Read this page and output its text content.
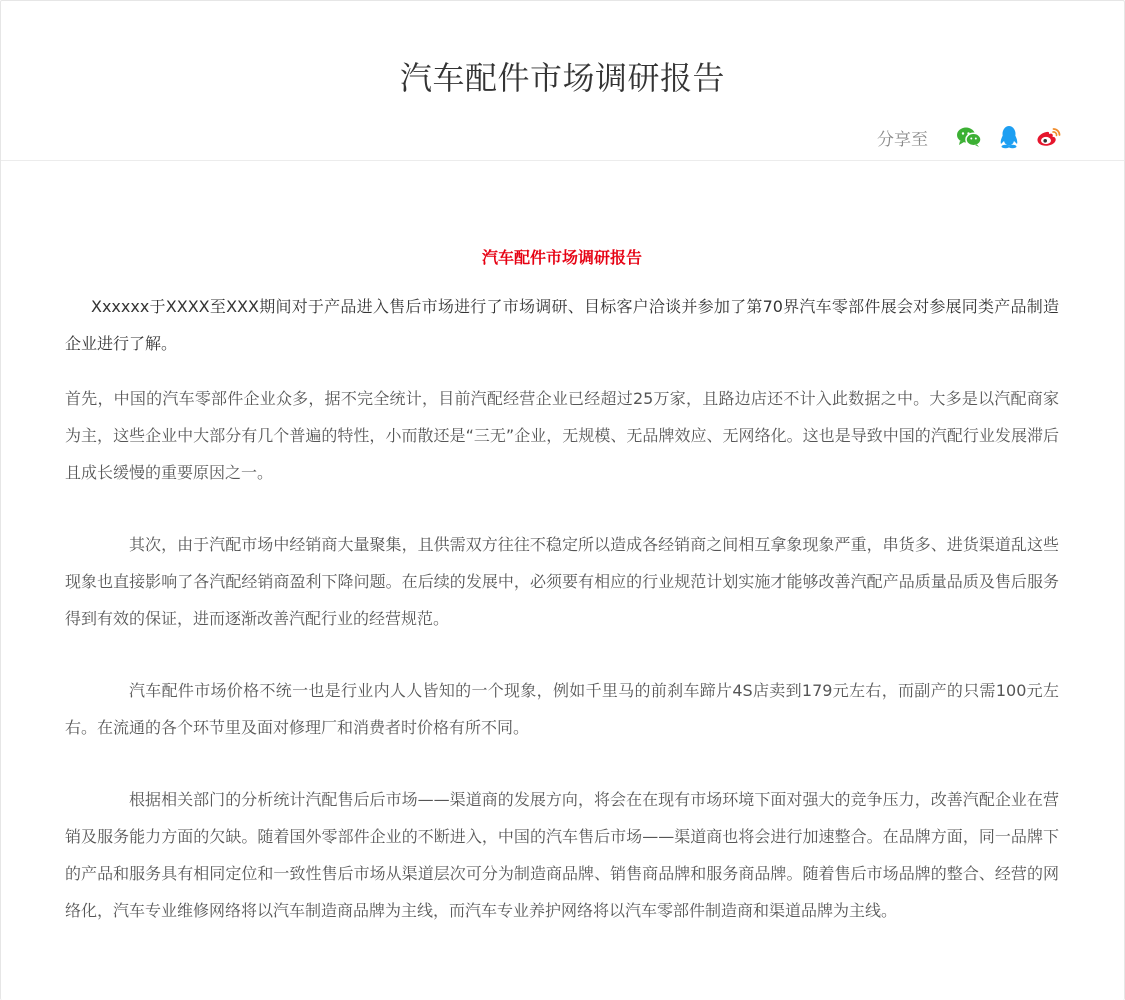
汽车配件市场调研报告
分享至
汽车配件市场调研报告

Xxxxxx于XXXX至XXX期间对于产品进入售后市场进行了市场调研、目标客户洽谈并参加了第70界汽车零部件展会对参展同类产品制造企业进行了解。

首先，中国的汽车零部件企业众多，据不完全统计，目前汽配经营企业已经超过25万家，且路边店还不计入此数据之中。大多是以汽配商家为主，这些企业中大部分有几个普遍的特性，小而散还是“三无”企业，无规模、无品牌效应、无网络化。这也是导致中国的汽配行业发展滞后且成长缓慢的重要原因之一。

其次，由于汽配市场中经销商大量聚集，且供需双方往往不稳定所以造成各经销商之间相互拿象现象严重，串货多、进货渠道乱这些现象也直接影响了各汽配经销商盈利下降问题。在后续的发展中，必须要有相应的行业规范计划实施才能够改善汽配产品质量品质及售后服务得到有效的保证，进而逐渐改善汽配行业的经营规范。

汽车配件市场价格不统一也是行业内人人皆知的一个现象，例如千里马的前刹车蹄片4S店卖到179元左右，而副产的只需100元左右。在流通的各个环节里及面对修理厂和消费者时价格有所不同。

根据相关部门的分析统计汽配售后后市场——渠道商的发展方向，将会在在现有市场环境下面对强大的竞争压力，改善汽配企业在营销及服务能力方面的欠缺。随着国外零部件企业的不断进入，中国的汽车售后市场——渠道商也将会进行加速整合。在品牌方面，同一品牌下的产品和服务具有相同定位和一致性售后市场从渠道层次可分为制造商品牌、销售商品牌和服务商品牌。随着售后市场品牌的整合、经营的网络化，汽车专业维修网络将以汽车制造商品牌为主线，而汽车专业养护网络将以汽车零部件制造商和渠道品牌为主线。
